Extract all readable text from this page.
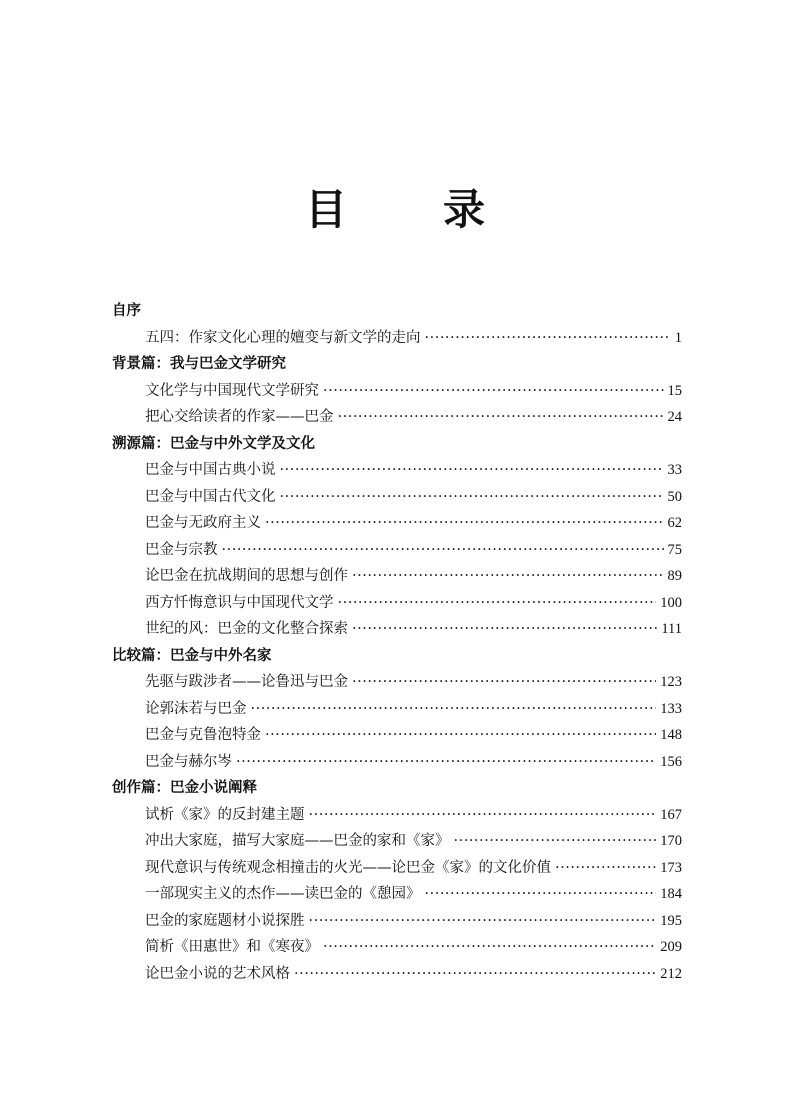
目 录
自序
五四：作家文化心理的嬗变与新文学的走向 ·····	1
背景篇：我与巴金文学研究
文化学与中国现代文学研究 ·····	15
把心交给读者的作家——巴金 ·····	24
溯源篇：巴金与中外文学及文化
巴金与中国古典小说 ·····	33
巴金与中国古代文化 ·····	50
巴金与无政府主义 ·····	62
巴金与宗教 ·····	75
论巴金在抗战期间的思想与创作 ·····	89
西方忏悔意识与中国现代文学 ·····	100
世纪的风：巴金的文化整合探索 ·····	111
比较篇：巴金与中外名家
先驱与跋涉者——论鲁迅与巴金 ·····	123
论郭沫若与巴金 ·····	133
巴金与克鲁泡特金 ·····	148
巴金与赫尔岑 ·····	156
创作篇：巴金小说阐释
试析《家》的反封建主题 ·····	167
冲出大家庭，描写大家庭——巴金的家和《家》 ·····	170
现代意识与传统观念相撞击的火光——论巴金《家》的文化价值 ·····	173
一部现实主义的杰作——读巴金的《憩园》 ·····	184
巴金的家庭题材小说探胜 ·····	195
简析《田惠世》和《寒夜》 ·····	209
论巴金小说的艺术风格 ·····	212
